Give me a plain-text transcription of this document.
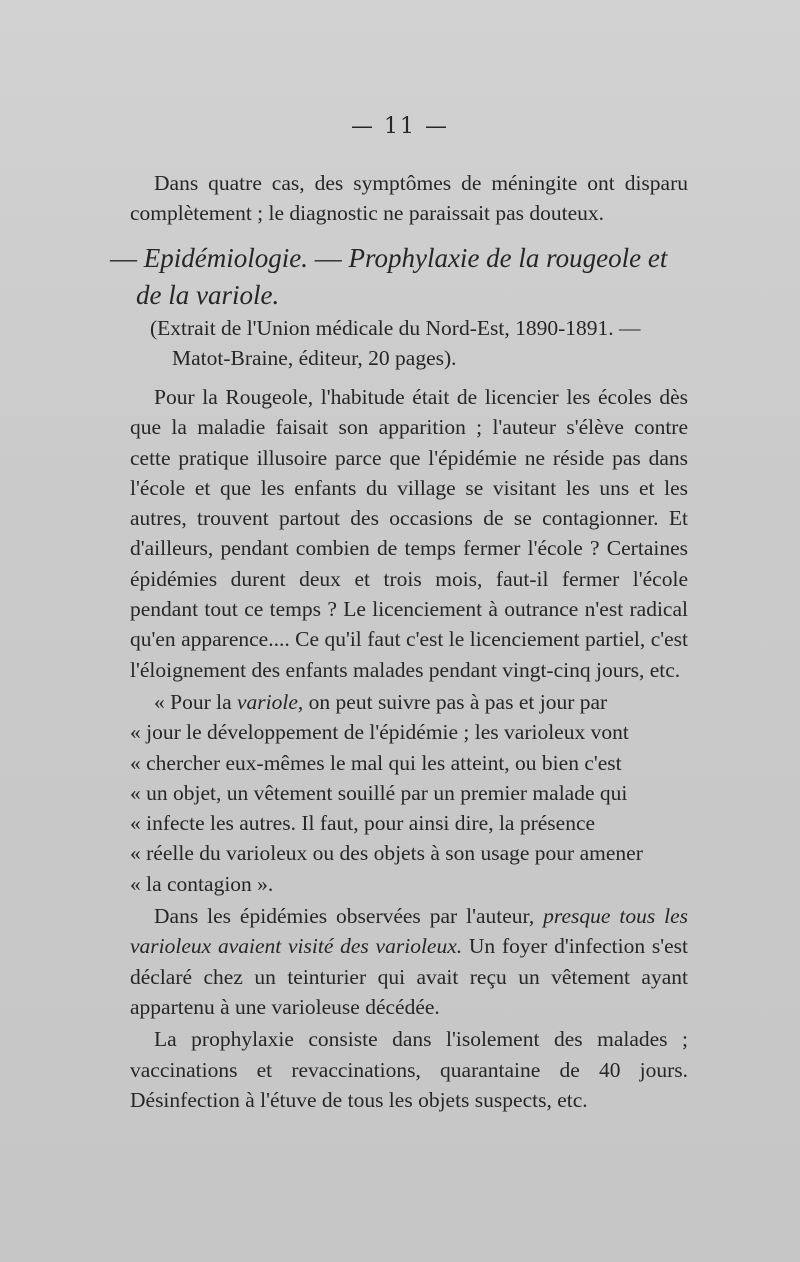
— 11 —

Dans quatre cas, des symptômes de méningite ont disparu complètement ; le diagnostic ne paraissait pas douteux.

— Epidémiologie. — Prophylaxie de la rougeole et
de la variole.
(Extrait de l'Union médicale du Nord-Est, 1890-1891. —
Matot-Braine, éditeur, 20 pages).

Pour la Rougeole, l'habitude était de licencier les écoles dès que la maladie faisait son apparition ; l'auteur s'élève contre cette pratique illusoire parce que l'épidémie ne réside pas dans l'école et que les enfants du village se visitant les uns et les autres, trouvent partout des occasions de se contagionner. Et d'ailleurs, pendant combien de temps fermer l'école ? Certaines épidémies durent deux et trois mois, faut-il fermer l'école pendant tout ce temps ? Le licenciement à outrance n'est radical qu'en apparence.... Ce qu'il faut c'est le licenciement partiel, c'est l'éloignement des enfants malades pendant vingt-cinq jours, etc.

« Pour la variole, on peut suivre pas à pas et jour par

« jour le développement de l'épidémie ; les varioleux vont
« chercher eux-mêmes le mal qui les atteint, ou bien c'est
« un objet, un vêtement souillé par un premier malade qui
« infecte les autres. Il faut, pour ainsi dire, la présence
« réelle du varioleux ou des objets à son usage pour amener
« la contagion ».

Dans les épidémies observées par l'auteur, presque tous les varioleux avaient visité des varioleux. Un foyer d'infection s'est déclaré chez un teinturier qui avait reçu un vêtement ayant appartenu à une varioleuse décédée.

La prophylaxie consiste dans l'isolement des malades ; vaccinations et revaccinations, quarantaine de 40 jours. Désinfection à l'étuve de tous les objets suspects, etc.
